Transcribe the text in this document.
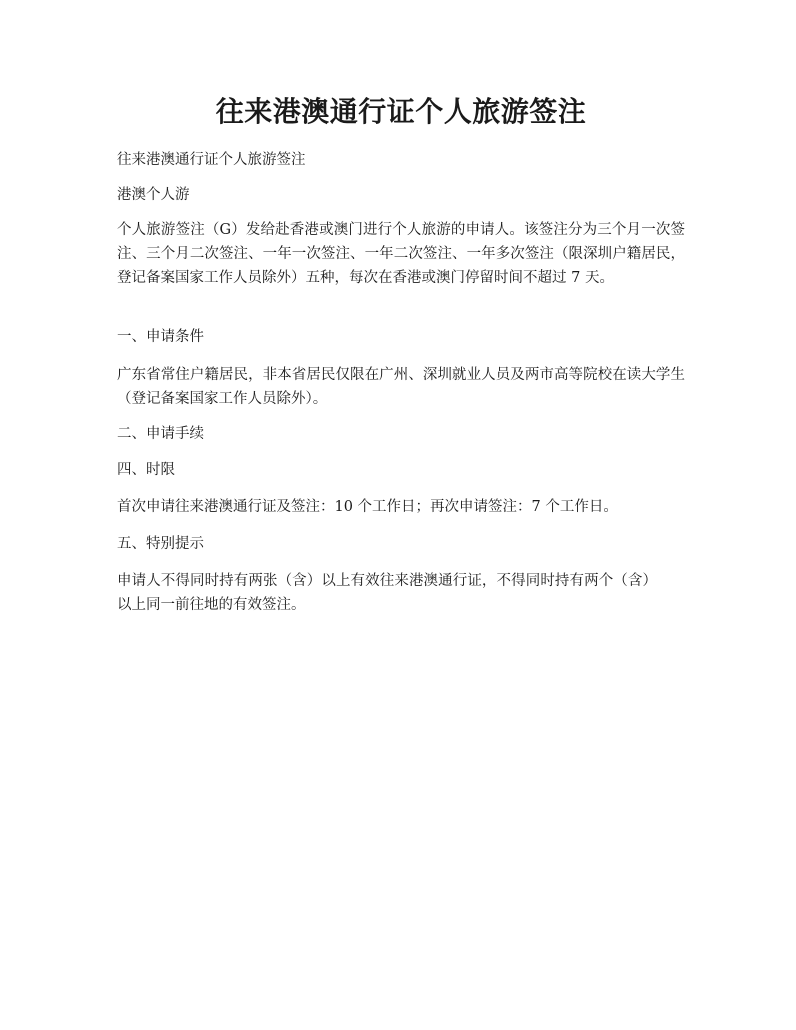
往来港澳通行证个人旅游签注

往来港澳通行证个人旅游签注

港澳个人游

个人旅游签注（G）发给赴香港或澳门进行个人旅游的申请人。该签注分为三个月一次签注、三个月二次签注、一年一次签注、一年二次签注、一年多次签注（限深圳户籍居民，登记备案国家工作人员除外）五种，每次在香港或澳门停留时间不超过 7 天。

一、申请条件

广东省常住户籍居民，非本省居民仅限在广州、深圳就业人员及两市高等院校在读大学生（登记备案国家工作人员除外）。

二、申请手续

四、时限

首次申请往来港澳通行证及签注：10 个工作日；再次申请签注：7 个工作日。

五、特别提示

申请人不得同时持有两张（含）以上有效往来港澳通行证，不得同时持有两个（含）以上同一前往地的有效签注。
